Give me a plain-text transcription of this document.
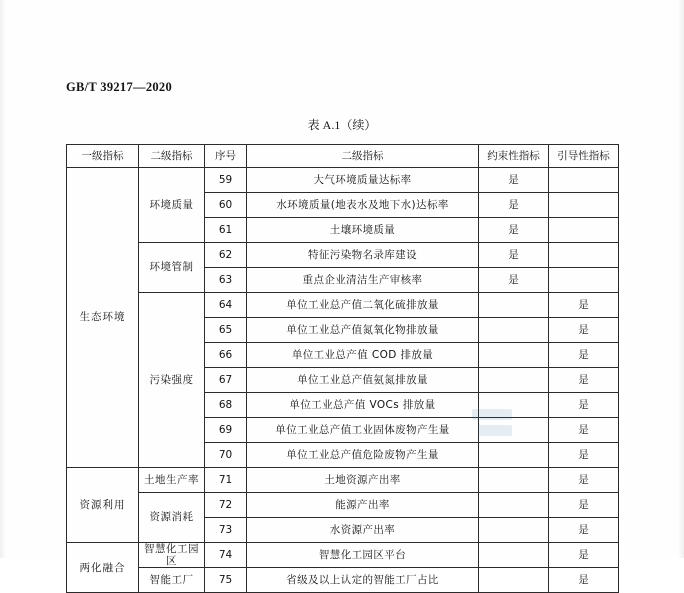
GB/T 39217—2020
表 A.1（续）
一级指标	二级指标	序号	二级指标	约束性指标	引导性指标
生态环境	环境质量	59	大气环境质量达标率	是	
		60	水环境质量(地表水及地下水)达标率	是	
		61	土壤环境质量	是	
	环境管制	62	特征污染物名录库建设	是	
		63	重点企业清洁生产审核率	是	
	污染强度	64	单位工业总产值二氧化硫排放量		是
		65	单位工业总产值氮氧化物排放量		是
		66	单位工业总产值 COD 排放量		是
		67	单位工业总产值氨氮排放量		是
		68	单位工业总产值 VOCs 排放量		是
		69	单位工业总产值工业固体废物产生量		是
		70	单位工业总产值危险废物产生量		是
资源利用	土地生产率	71	土地资源产出率		是
	资源消耗	72	能源产出率		是
		73	水资源产出率		是
两化融合	智慧化工园区	74	智慧化工园区平台		是
	智能工厂	75	省级及以上认定的智能工厂占比		是
